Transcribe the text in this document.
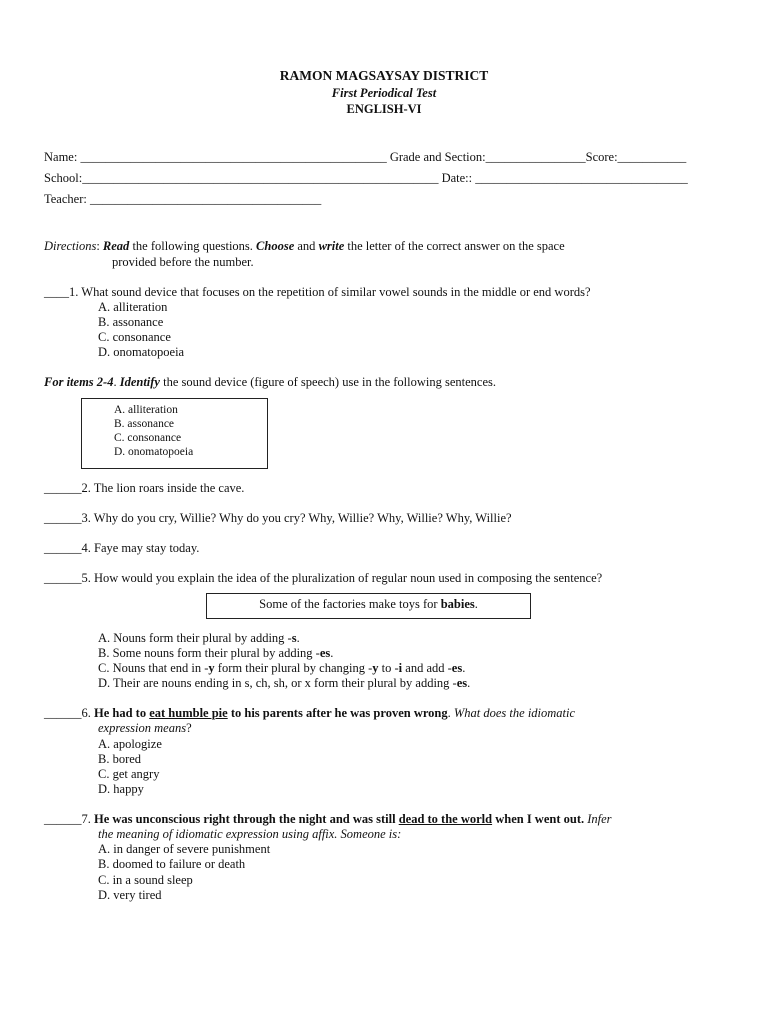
RAMON MAGSAYSAY DISTRICT
First Periodical Test
ENGLISH-VI
Name: _________________________________________________ Grade and Section:________________Score:___________
School:_________________________________________________________ Date:: __________________________________
Teacher: _____________________________________
Directions: Read the following questions. Choose and write the letter of the correct answer on the space
provided before the number.
____1. What sound device that focuses on the repetition of similar vowel sounds in the middle or end words?
A. alliteration
B. assonance
C. consonance
D. onomatopoeia
For items 2-4. Identify the sound device (figure of speech) use in the following sentences.
A. alliteration
B. assonance
C. consonance
D. onomatopoeia
______2. The lion roars inside the cave.
______3. Why do you cry, Willie? Why do you cry? Why, Willie? Why, Willie? Why, Willie?
______4. Faye may stay today.
______5. How would you explain the idea of the pluralization of regular noun used in composing the sentence?
Some of the factories make toys for babies.
A. Nouns form their plural by adding -s.
B. Some nouns form their plural by adding -es.
C. Nouns that end in -y form their plural by changing -y to -i and add -es.
D. Their are nouns ending in s, ch, sh, or x form their plural by adding -es.
______6. He had to eat humble pie to his parents after he was proven wrong. What does the idiomatic
expression means?
A. apologize
B. bored
C. get angry
D. happy
______7. He was unconscious right through the night and was still dead to the world when I went out. Infer
the meaning of idiomatic expression using affix. Someone is:
A. in danger of severe punishment
B. doomed to failure or death
C. in a sound sleep
D. very tired
